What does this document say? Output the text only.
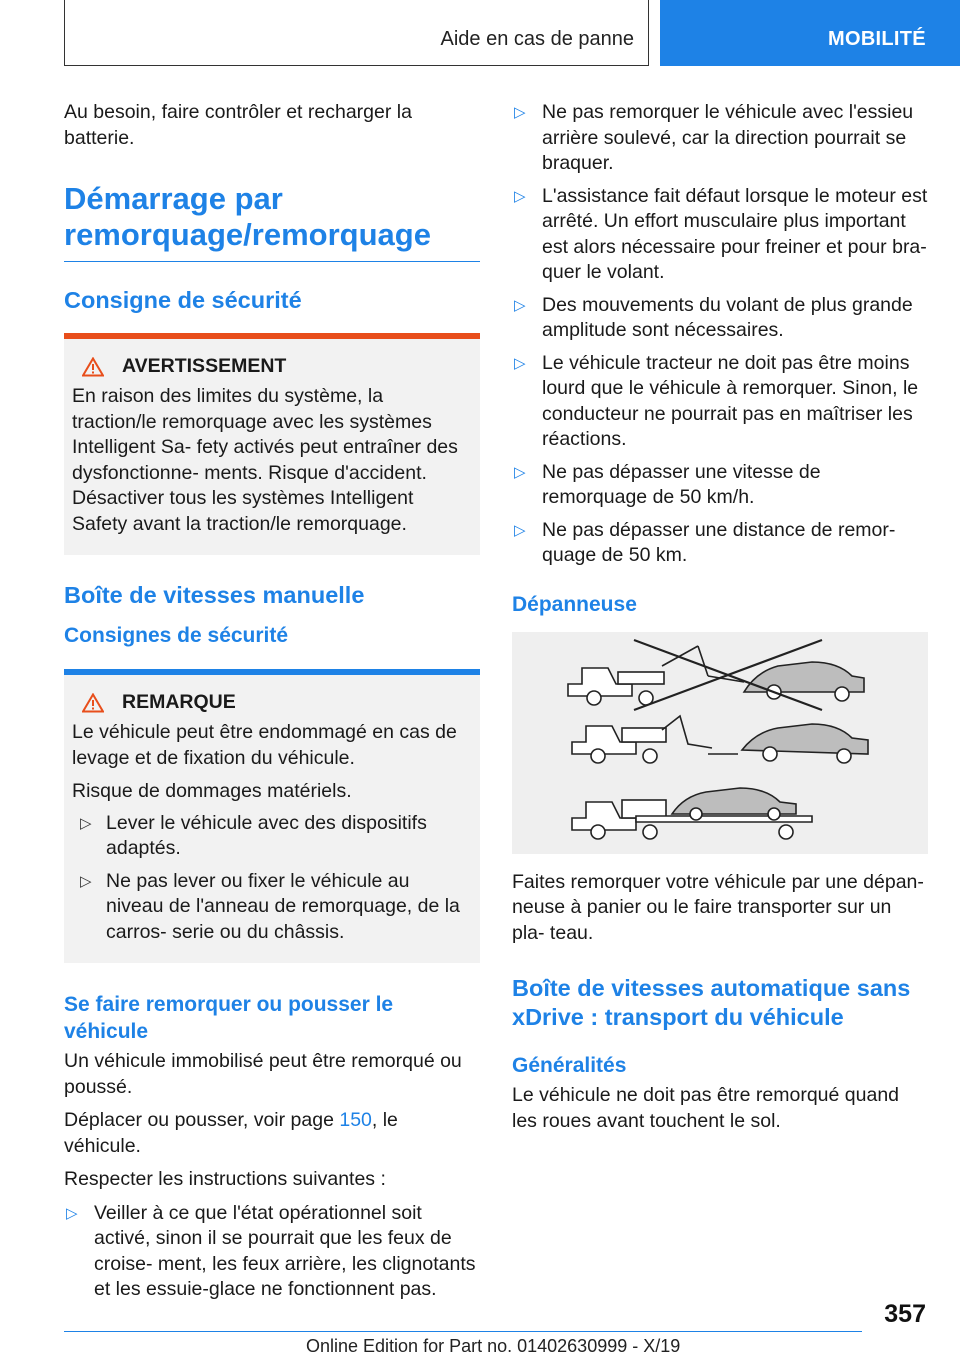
Aide en cas de panne	MOBILITÉ

Au besoin, faire contrôler et recharger la batterie.

Démarrage par remorquage/remorquage
Consigne de sécurité
AVERTISSEMENT
En raison des limites du système, la traction/le remorquage avec les systèmes Intelligent Sa- fety activés peut entraîner des dysfonctionne- ments. Risque d'accident. Désactiver tous les systèmes Intelligent Safety avant la traction/le remorquage.
Boîte de vitesses manuelle
Consignes de sécurité
REMARQUE
Le véhicule peut être endommagé en cas de levage et de fixation du véhicule.
Risque de dommages matériels.
▷ Lever le véhicule avec des dispositifs adaptés.
▷ Ne pas lever ou fixer le véhicule au niveau de l'anneau de remorquage, de la carros- serie ou du châssis.
Se faire remorquer ou pousser le véhicule

Un véhicule immobilisé peut être remorqué ou poussé.

Déplacer ou pousser, voir page 150, le véhicule.

Respecter les instructions suivantes :

▷ Veiller à ce que l'état opérationnel soit activé, sinon il se pourrait que les feux de croise- ment, les feux arrière, les clignotants et les essuie-glace ne fonctionnent pas.
▷ Ne pas remorquer le véhicule avec l'essieu arrière soulevé, car la direction pourrait se braquer.
▷ L'assistance fait défaut lorsque le moteur est arrêté. Un effort musculaire plus important est alors nécessaire pour freiner et pour bra- quer le volant.
▷ Des mouvements du volant de plus grande amplitude sont nécessaires.
▷ Le véhicule tracteur ne doit pas être moins lourd que le véhicule à remorquer. Sinon, le conducteur ne pourrait pas en maîtriser les réactions.
▷ Ne pas dépasser une vitesse de remorquage de 50 km/h.
▷ Ne pas dépasser une distance de remor- quage de 50 km.
Dépanneuse

Faites remorquer votre véhicule par une dépan- neuse à panier ou le faire transporter sur un pla- teau.

Boîte de vitesses automatique sans xDrive : transport du véhicule
Généralités

Le véhicule ne doit pas être remorqué quand les roues avant touchent le sol.

357
Online Edition for Part no. 01402630999 - X/19
